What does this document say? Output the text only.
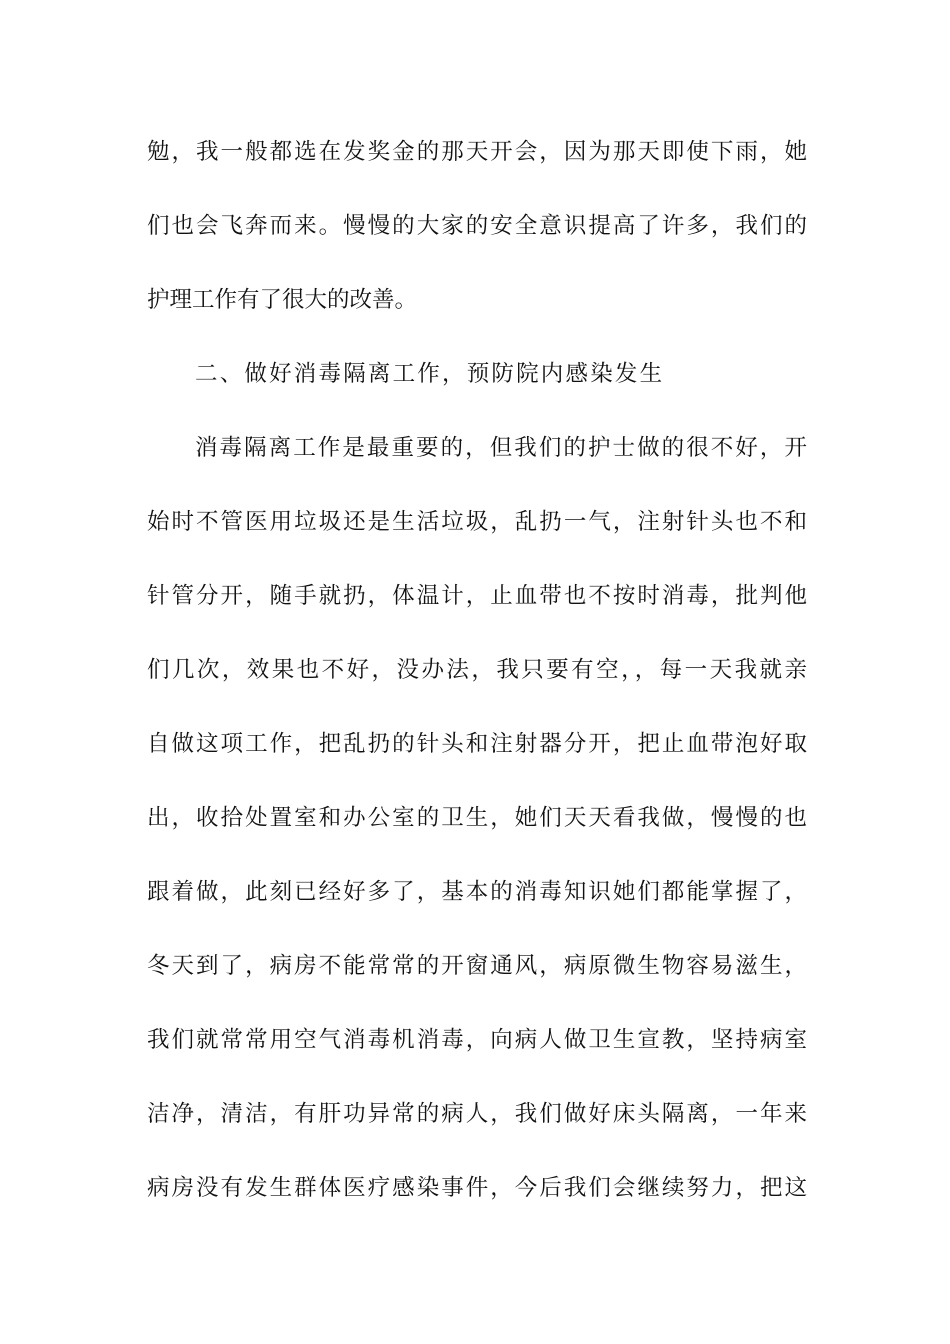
勉，我一般都选在发奖金的那天开会，因为那天即使下雨，她
们也会飞奔而来。慢慢的大家的安全意识提高了许多，我们的
护理工作有了很大的改善。
二、做好消毒隔离工作，预防院内感染发生
消毒隔离工作是最重要的，但我们的护士做的很不好，开
始时不管医用垃圾还是生活垃圾，乱扔一气，注射针头也不和
针管分开，随手就扔，体温计，止血带也不按时消毒，批判他
们几次，效果也不好，没办法，我只要有空，，每一天我就亲
自做这项工作，把乱扔的针头和注射器分开，把止血带泡好取
出，收拾处置室和办公室的卫生，她们天天看我做，慢慢的也
跟着做，此刻已经好多了，基本的消毒知识她们都能掌握了，
冬天到了，病房不能常常的开窗通风，病原微生物容易滋生，
我们就常常用空气消毒机消毒，向病人做卫生宣教，坚持病室
洁净，清洁，有肝功异常的病人，我们做好床头隔离，一年来
病房没有发生群体医疗感染事件，今后我们会继续努力，把这
